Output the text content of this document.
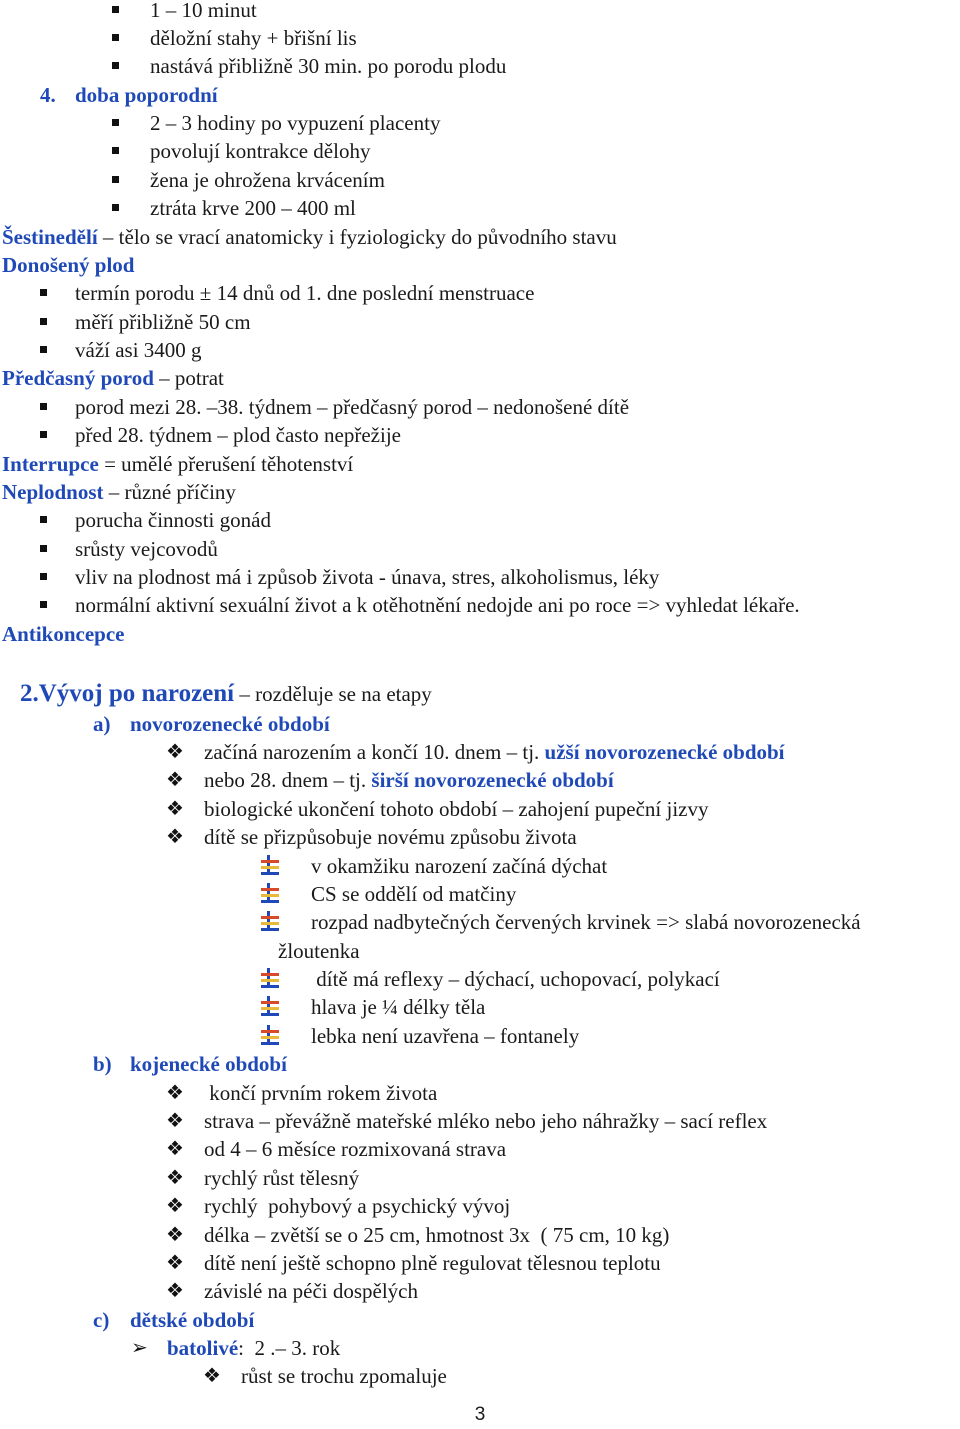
1 – 10 minut
děložní stahy + břišní lis
nastává přibližně 30 min. po porodu plodu
4. doba poporodní
2 – 3 hodiny po vypuzení placenty
povolují kontrakce dělohy
žena je ohrožena krvácením
ztráta krve 200 – 400 ml
Šestinedělí – tělo se vrací anatomicky i fyziologicky do původního stavu
Donošený plod
termín porodu ± 14 dnů od 1. dne poslední menstruace
měří přibližně 50 cm
váží asi 3400 g
Předčasný porod – potrat
porod mezi 28. –38. týdnem – předčasný porod – nedonošené dítě
před 28. týdnem – plod často nepřežije
Interrupce = umělé přerušení těhotenství
Neplodnost – různé příčiny
porucha činnosti gonád
srůsty vejcovodů
vliv na plodnost má i způsob života - únava, stres, alkoholismus, léky
normální aktivní sexuální život a k otěhotnění nedojde ani po roce => vyhledat lékaře.
Antikoncepce
2.Vývoj po narození – rozděluje se na etapy
a) novorozenecké období
❖ začíná narozením a končí 10. dnem – tj. užší novorozenecké období
❖ nebo 28. dnem – tj. širší novorozenecké období
❖ biologické ukončení tohoto období – zahojení pupeční jizvy
❖ dítě se přizpůsobuje novému způsobu života
v okamžiku narození začíná dýchat
CS se oddělí od matčiny
rozpad nadbytečných červených krvinek => slabá novorozenecká
žloutenka
dítě má reflexy – dýchací, uchopovací, polykací
hlava je ¼ délky těla
lebka není uzavřena – fontanely
b) kojenecké období
❖ končí prvním rokem života
❖ strava – převážně mateřské mléko nebo jeho náhražky – sací reflex
❖ od 4 – 6 měsíce rozmixovaná strava
❖ rychlý růst tělesný
❖ rychlý  pohybový a psychický vývoj
❖ délka – zvětší se o 25 cm, hmotnost 3x  ( 75 cm, 10 kg)
❖ dítě není ještě schopno plně regulovat tělesnou teplotu
❖ závislé na péči dospělých
c) dětské období
➢ batolivé:  2 .– 3. rok
❖ růst se trochu zpomaluje
3
